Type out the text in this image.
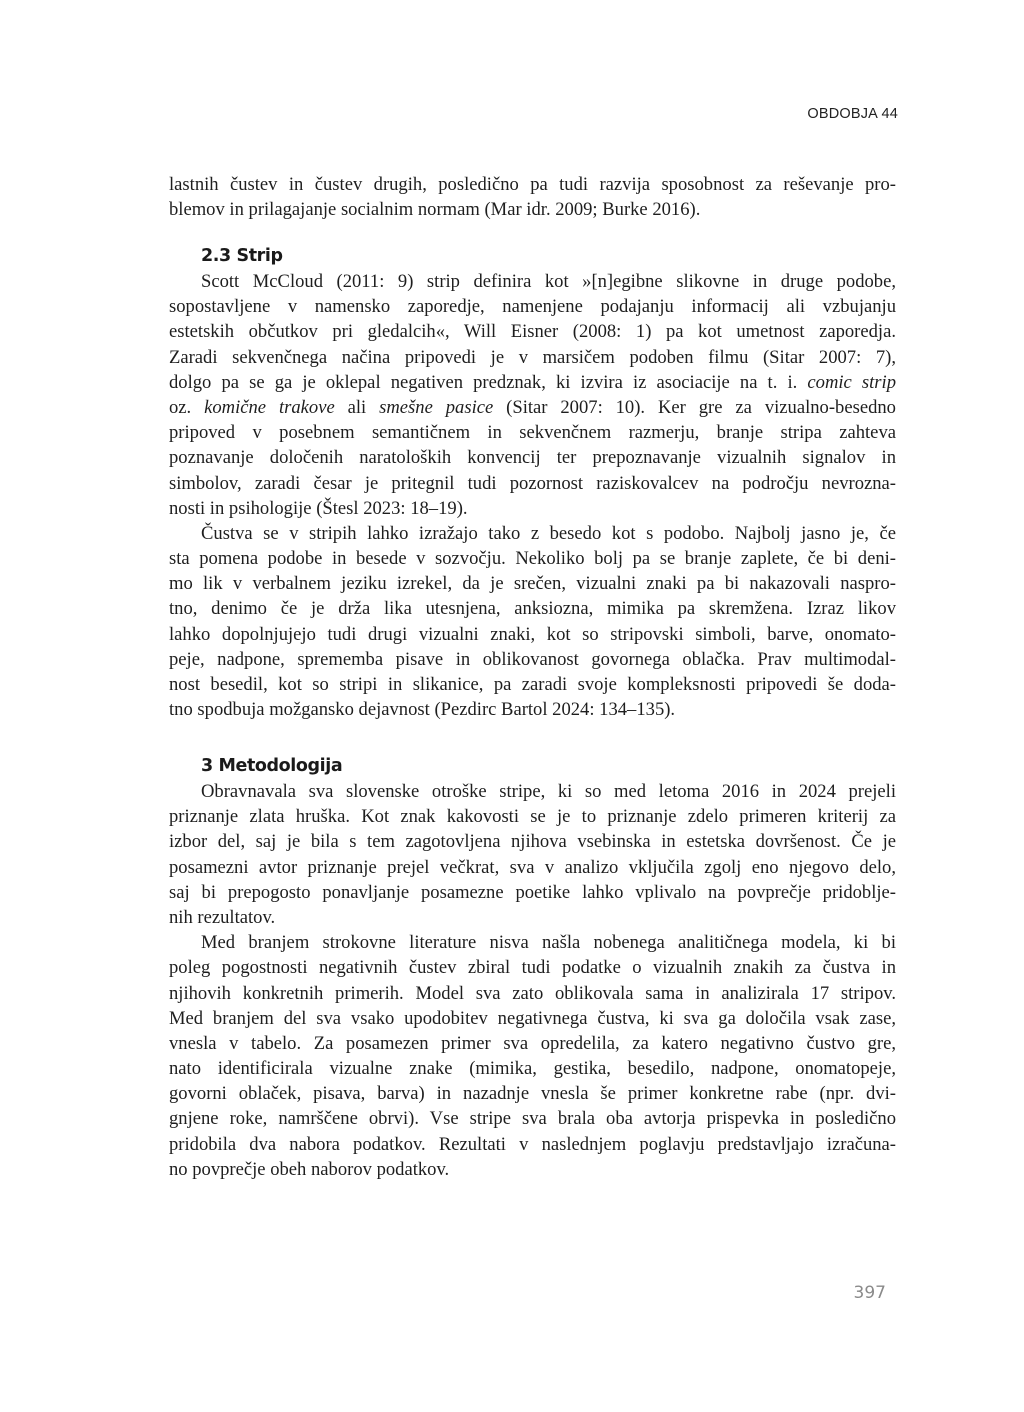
OBDOBJA 44
lastnih čustev in čustev drugih, posledično pa tudi razvija sposobnost za reševanje pro-
blemov in prilagajanje socialnim normam (Mar idr. 2009; Burke 2016).
2.3 Strip
Scott McCloud (2011: 9) strip definira kot »[n]egibne slikovne in druge podobe,
sopostavljene v namensko zaporedje, namenjene podajanju informacij ali vzbujanju
estetskih občutkov pri gledalcih«, Will Eisner (2008: 1) pa kot umetnost zaporedja.
Zaradi sekvenčnega načina pripovedi je v marsičem podoben filmu (Sitar 2007: 7),
dolgo pa se ga je oklepal negativen predznak, ki izvira iz asociacije na t. i. comic strip
oz. komične trakove ali smešne pasice (Sitar 2007: 10). Ker gre za vizualno-besedno
pripoved v posebnem semantičnem in sekvenčnem razmerju, branje stripa zahteva
poznavanje določenih naratoloških konvencij ter prepoznavanje vizualnih signalov in
simbolov, zaradi česar je pritegnil tudi pozornost raziskovalcev na področju nevrozna-
nosti in psihologije (Štesl 2023: 18–19).
Čustva se v stripih lahko izražajo tako z besedo kot s podobo. Najbolj jasno je, če
sta pomena podobe in besede v sozvočju. Nekoliko bolj pa se branje zaplete, če bi deni-
mo lik v verbalnem jeziku izrekel, da je srečen, vizualni znaki pa bi nakazovali naspro-
tno, denimo če je drža lika utesnjena, anksiozna, mimika pa skremžena. Izraz likov
lahko dopolnjujejo tudi drugi vizualni znaki, kot so stripovski simboli, barve, onomato-
peje, nadpone, sprememba pisave in oblikovanost govornega oblačka. Prav multimodal-
nost besedil, kot so stripi in slikanice, pa zaradi svoje kompleksnosti pripovedi še doda-
tno spodbuja možgansko dejavnost (Pezdirc Bartol 2024: 134–135).
3 Metodologija
Obravnavala sva slovenske otroške stripe, ki so med letoma 2016 in 2024 prejeli
priznanje zlata hruška. Kot znak kakovosti se je to priznanje zdelo primeren kriterij za
izbor del, saj je bila s tem zagotovljena njihova vsebinska in estetska dovršenost. Če je
posamezni avtor priznanje prejel večkrat, sva v analizo vključila zgolj eno njegovo delo,
saj bi prepogosto ponavljanje posamezne poetike lahko vplivalo na povprečje pridoblje-
nih rezultatov.
Med branjem strokovne literature nisva našla nobenega analitičnega modela, ki bi
poleg pogostnosti negativnih čustev zbiral tudi podatke o vizualnih znakih za čustva in
njihovih konkretnih primerih. Model sva zato oblikovala sama in analizirala 17 stripov.
Med branjem del sva vsako upodobitev negativnega čustva, ki sva ga določila vsak zase,
vnesla v tabelo. Za posamezen primer sva opredelila, za katero negativno čustvo gre,
nato identificirala vizualne znake (mimika, gestika, besedilo, nadpone, onomatopeje,
govorni oblaček, pisava, barva) in nazadnje vnesla še primer konkretne rabe (npr. dvi-
gnjene roke, namrščene obrvi). Vse stripe sva brala oba avtorja prispevka in posledično
pridobila dva nabora podatkov. Rezultati v naslednjem poglavju predstavljajo izračuna-
no povprečje obeh naborov podatkov.
397
